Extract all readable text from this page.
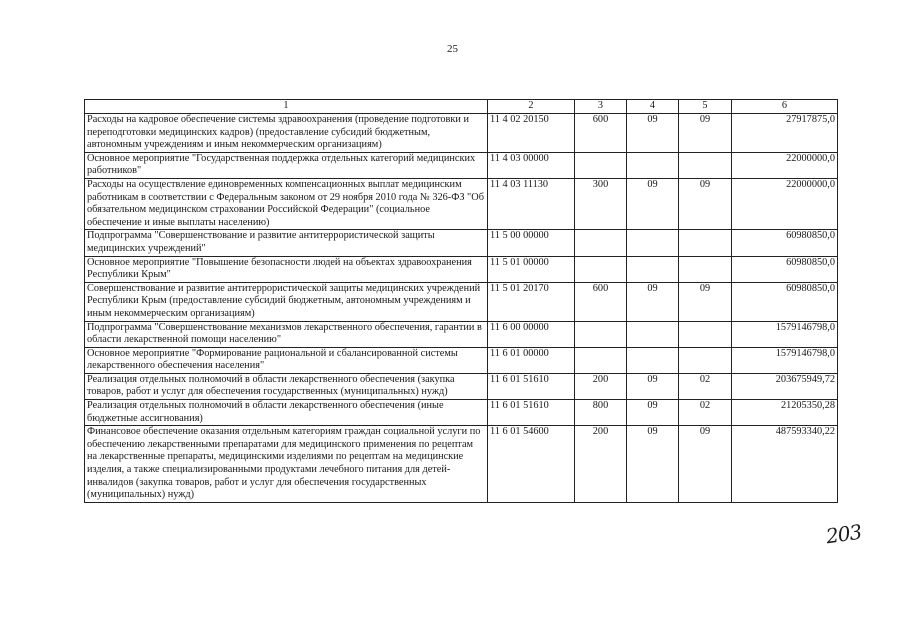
25
1	2	3	4	5	6
Расходы на кадровое обеспечение системы здравоохранения (проведение подготовки и переподготовки медицинских кадров) (предоставление субсидий бюджетным, автономным учреждениям и иным некоммерческим организациям)	11 4 02 20150	600	09	09	27917875,0
Основное мероприятие "Государственная поддержка отдельных категорий медицинских работников"	11 4 03 00000				22000000,0
Расходы на осуществление единовременных компенсационных выплат медицинским работникам в соответствии с Федеральным законом от 29 ноября 2010 года № 326-ФЗ "Об обязательном медицинском страховании Российской Федерации" (социальное обеспечение и иные выплаты населению)	11 4 03 11130	300	09	09	22000000,0
Подпрограмма "Совершенствование и развитие антитеррористической защиты медицинских учреждений"	11 5 00 00000				60980850,0
Основное мероприятие "Повышение безопасности людей на объектах здравоохранения Республики Крым"	11 5 01 00000				60980850,0
Совершенствование и развитие антитеррористической защиты медицинских учреждений Республики Крым (предоставление субсидий бюджетным, автономным учреждениям и иным некоммерческим организациям)	11 5 01 20170	600	09	09	60980850,0
Подпрограмма "Совершенствование механизмов лекарственного обеспечения, гарантии в области лекарственной помощи населению"	11 6 00 00000				1579146798,0
Основное мероприятие "Формирование рациональной и сбалансированной системы лекарственного обеспечения населения"	11 6 01 00000				1579146798,0
Реализация отдельных полномочий в области лекарственного обеспечения (закупка товаров, работ и услуг для обеспечения государственных (муниципальных) нужд)	11 6 01 51610	200	09	02	203675949,72
Реализация отдельных полномочий в области лекарственного обеспечения (иные бюджетные ассигнования)	11 6 01 51610	800	09	02	21205350,28
Финансовое обеспечение оказания отдельным категориям граждан социальной услуги по обеспечению лекарственными препаратами для медицинского применения по рецептам на лекарственные препараты, медицинскими изделиями по рецептам на медицинские изделия, а также специализированными продуктами лечебного питания для детей-инвалидов (закупка товаров, работ и услуг для обеспечения государственных (муниципальных) нужд)	11 6 01 54600	200	09	09	487593340,22
203
